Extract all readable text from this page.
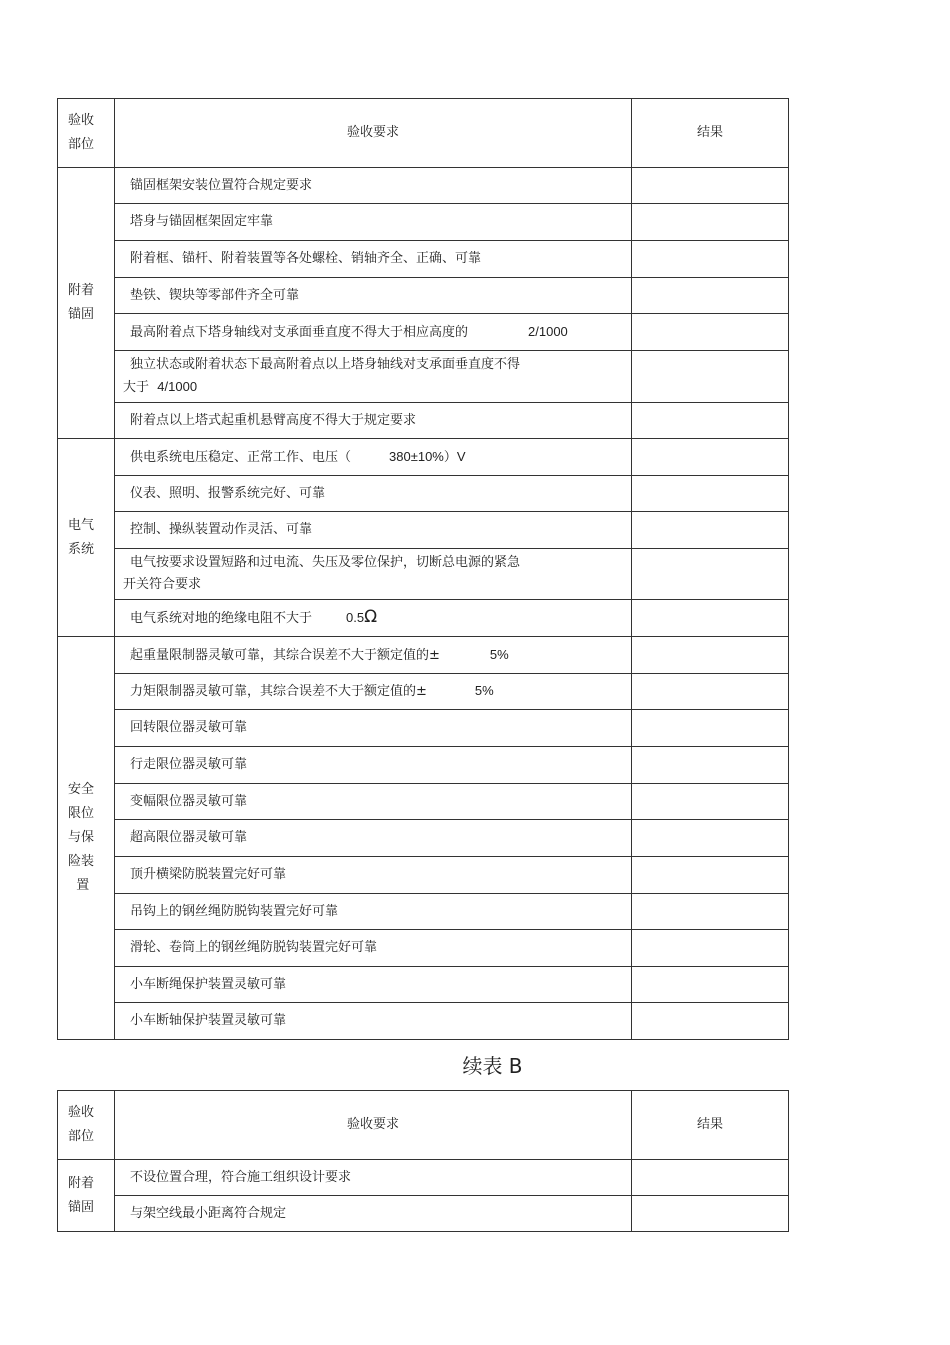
验收
部位	验收要求	结果
附着
锚固	锚固框架安装位置符合规定要求	
	塔身与锚固框架固定牢靠	
	附着框、锚杆、附着装置等各处螺栓、销轴齐全、正确、可靠	
	垫铁、锲块等零部件齐全可靠	
	最高附着点下塔身轴线对支承面垂直度不得大于相应高度的 2/1000	
	独立状态或附着状态下最高附着点以上塔身轴线对支承面垂直度不得
大于 4/1000	
	附着点以上塔式起重机悬臂高度不得大于规定要求	
电气
系统	供电系统电压稳定、正常工作、电压（ 380±10%）V	
	仪表、照明、报警系统完好、可靠	
	控制、操纵装置动作灵活、可靠	
	电气按要求设置短路和过电流、失压及零位保护，切断总电源的紧急
开关符合要求	
	电气系统对地的绝缘电阻不大于 0.5Ω	
安全
限位
与保
险装
置	起重量限制器灵敏可靠，其综合误差不大于额定值的± 5%	
	力矩限制器灵敏可靠，其综合误差不大于额定值的± 5%	
	回转限位器灵敏可靠	
	行走限位器灵敏可靠	
	变幅限位器灵敏可靠	
	超高限位器灵敏可靠	
	顶升横梁防脱装置完好可靠	
	吊钩上的钢丝绳防脱钩装置完好可靠	
	滑轮、卷筒上的钢丝绳防脱钩装置完好可靠	
	小车断绳保护装置灵敏可靠	
	小车断轴保护装置灵敏可靠	
续表 B
验收
部位	验收要求	结果
附着
锚固	不设位置合理，符合施工组织设计要求	
	与架空线最小距离符合规定	
